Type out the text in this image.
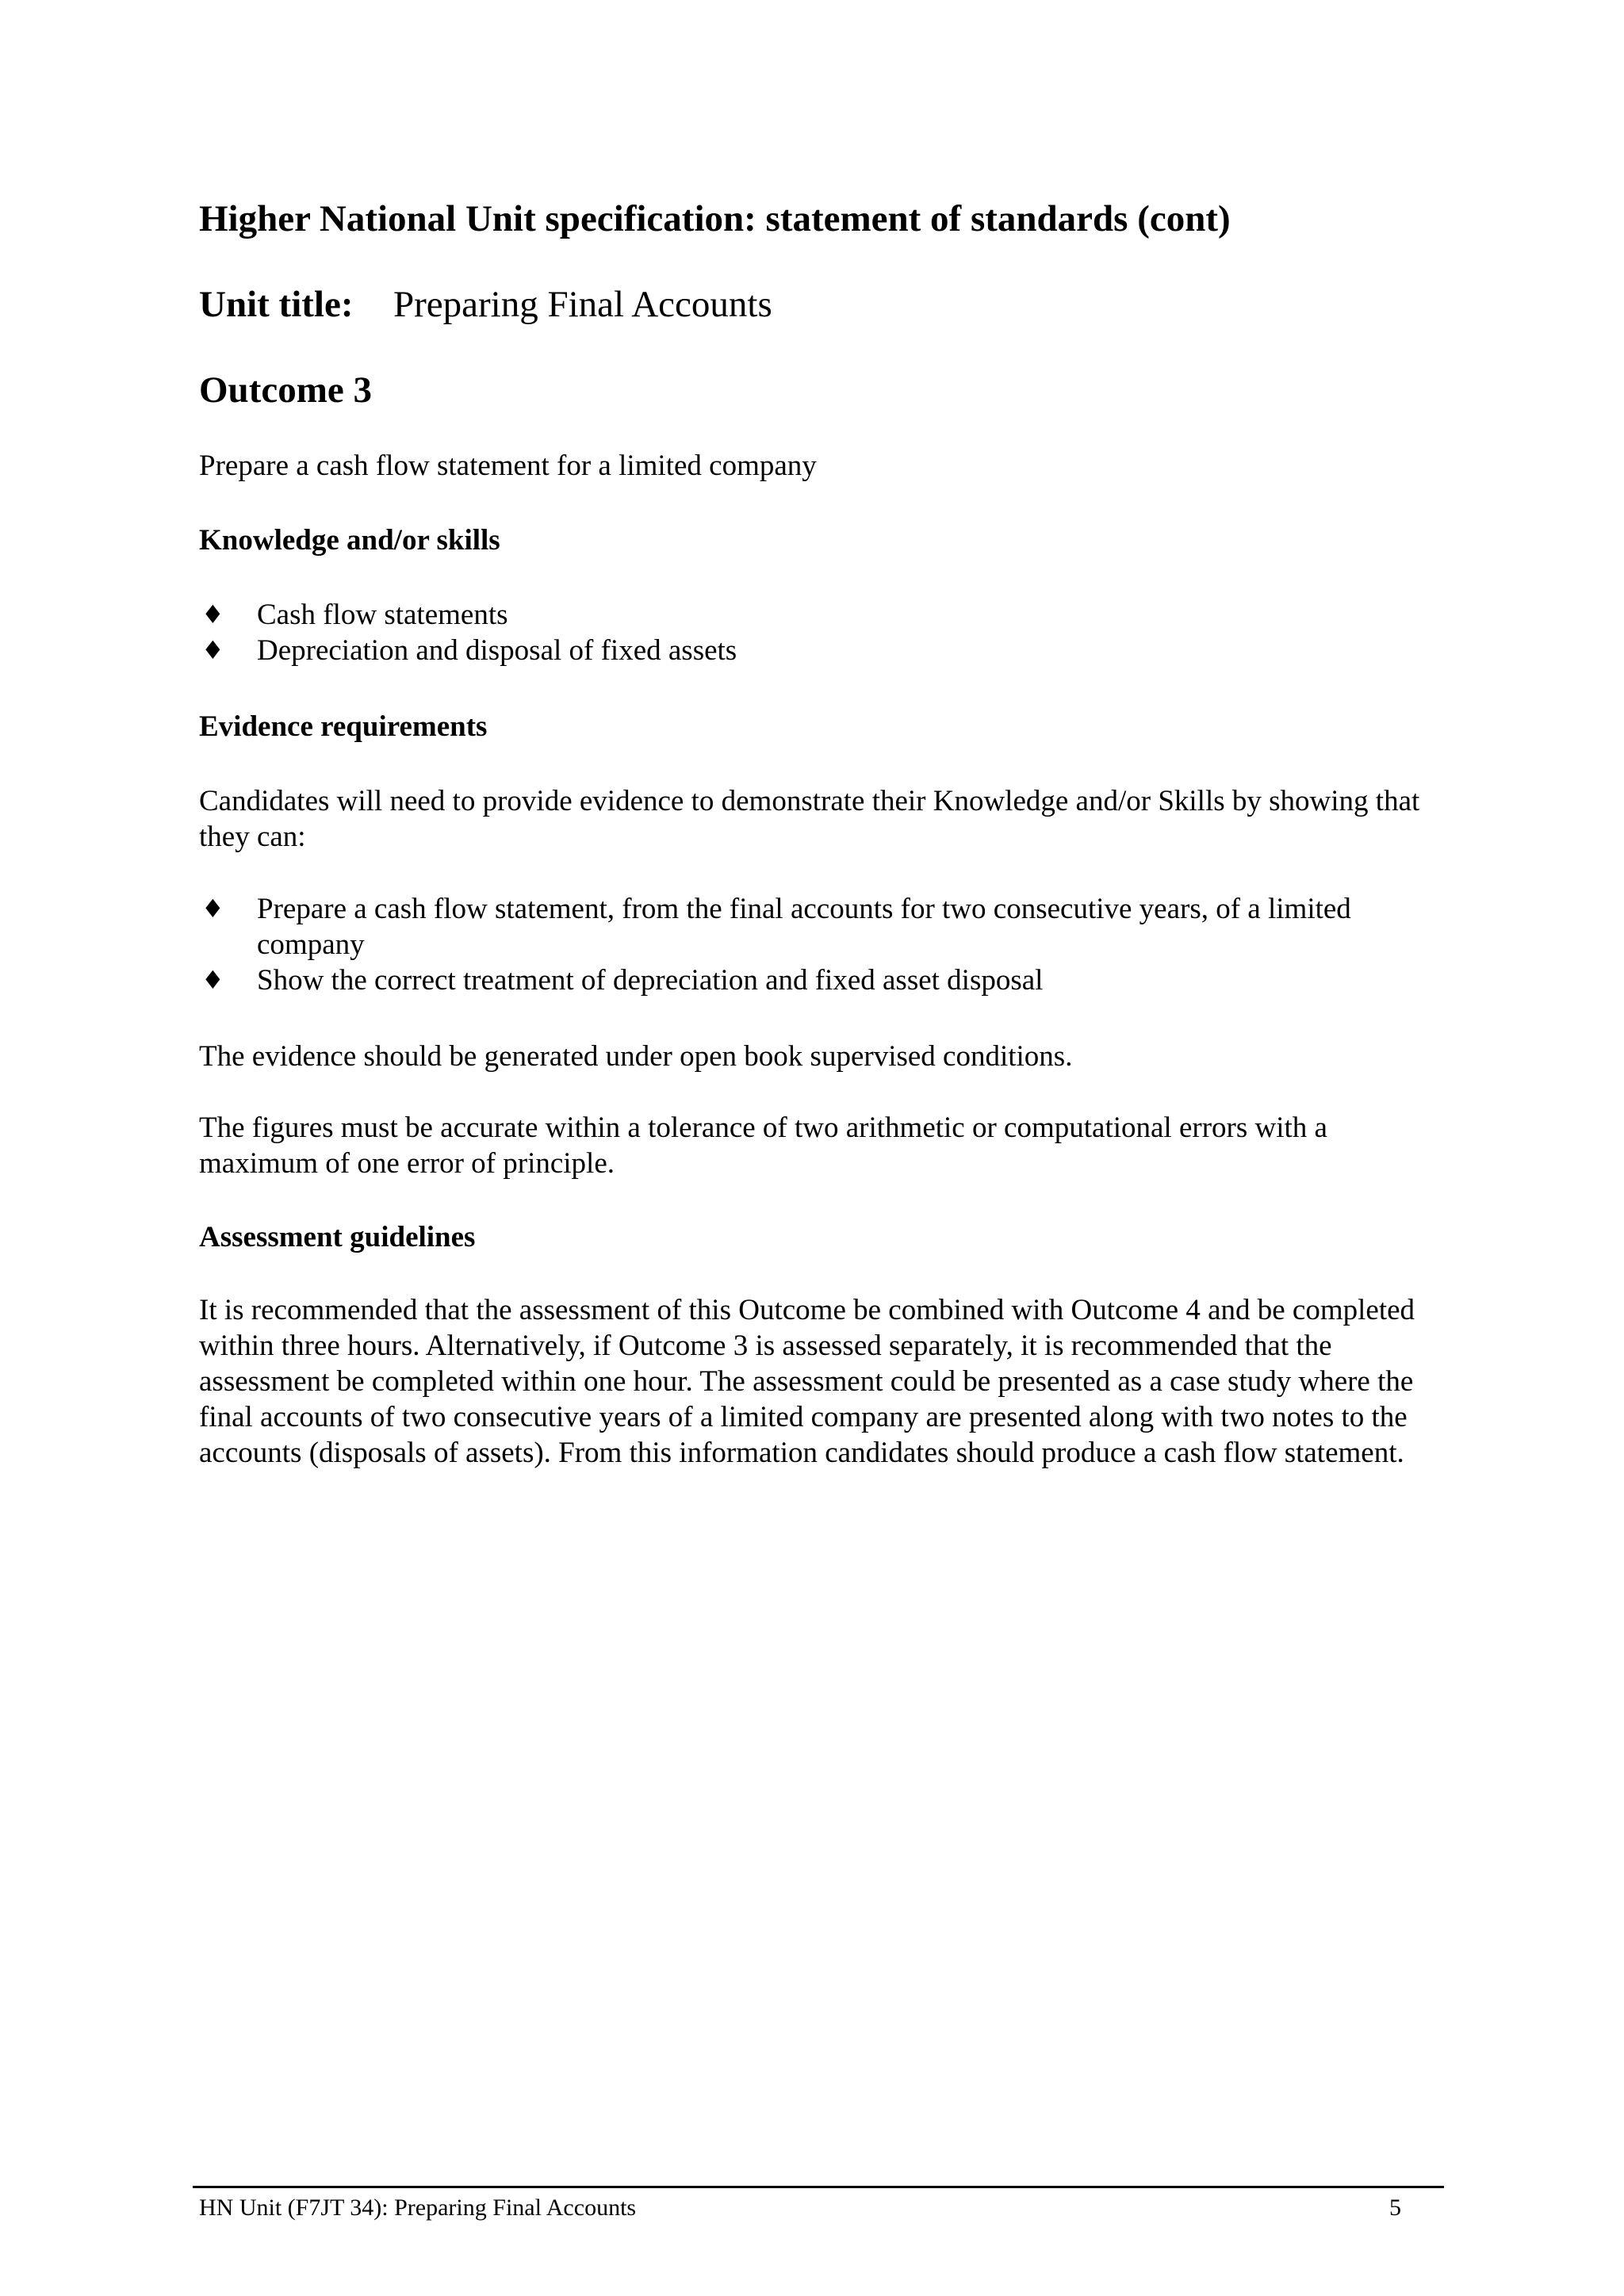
Higher National Unit specification: statement of standards (cont)
Unit title: Preparing Final Accounts
Outcome 3
Prepare a cash flow statement for a limited company
Knowledge and/or skills
♦ Cash flow statements
♦ Depreciation and disposal of fixed assets
Evidence requirements
Candidates will need to provide evidence to demonstrate their Knowledge and/or Skills by showing that they can:
♦ Prepare a cash flow statement, from the final accounts for two consecutive years, of a limited company
♦ Show the correct treatment of depreciation and fixed asset disposal
The evidence should be generated under open book supervised conditions.
The figures must be accurate within a tolerance of two arithmetic or computational errors with a maximum of one error of principle.
Assessment guidelines
It is recommended that the assessment of this Outcome be combined with Outcome 4 and be completed within three hours. Alternatively, if Outcome 3 is assessed separately, it is recommended that the assessment be completed within one hour. The assessment could be presented as a case study where the final accounts of two consecutive years of a limited company are presented along with two notes to the accounts (disposals of assets). From this information candidates should produce a cash flow statement.
HN Unit (F7JT 34): Preparing Final Accounts	5
